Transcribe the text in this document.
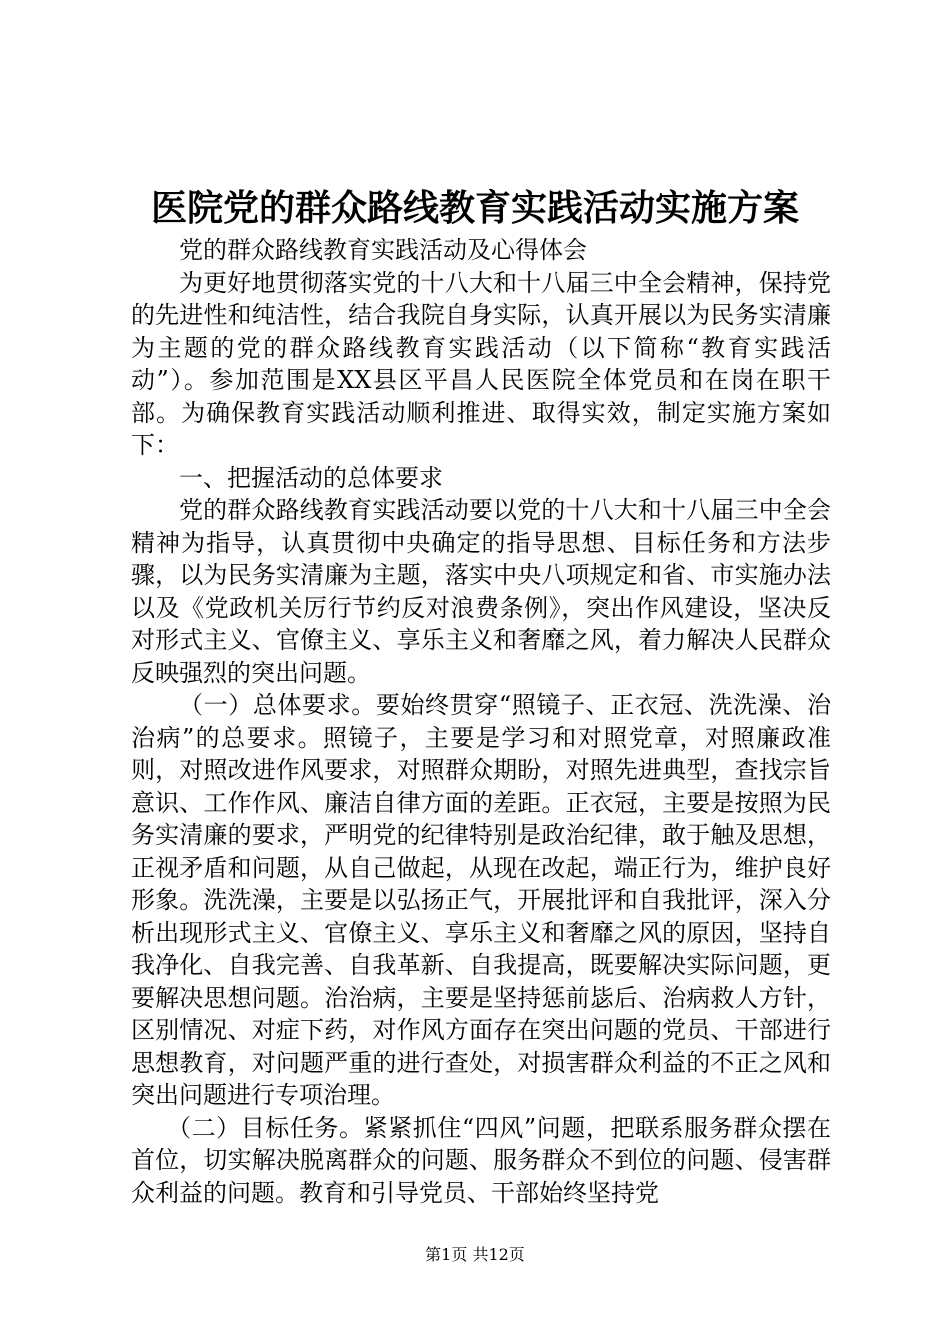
医院党的群众路线教育实践活动实施方案

党的群众路线教育实践活动及心得体会

为更好地贯彻落实党的十八大和十八届三中全会精神，保持党的先进性和纯洁性，结合我院自身实际，认真开展以为民务实清廉为主题的党的群众路线教育实践活动（以下简称“教育实践活动”）。参加范围是XX县区平昌人民医院全体党员和在岗在职干部。为确保教育实践活动顺利推进、取得实效，制定实施方案如下：

一、把握活动的总体要求

党的群众路线教育实践活动要以党的十八大和十八届三中全会精神为指导，认真贯彻中央确定的指导思想、目标任务和方法步骤，以为民务实清廉为主题，落实中央八项规定和省、市实施办法以及《党政机关厉行节约反对浪费条例》，突出作风建设，坚决反对形式主义、官僚主义、享乐主义和奢靡之风，着力解决人民群众反映强烈的突出问题。

（一）总体要求。要始终贯穿“照镜子、正衣冠、洗洗澡、治治病”的总要求。照镜子，主要是学习和对照党章，对照廉政准则，对照改进作风要求，对照群众期盼，对照先进典型，查找宗旨意识、工作作风、廉洁自律方面的差距。正衣冠，主要是按照为民务实清廉的要求，严明党的纪律特别是政治纪律，敢于触及思想，正视矛盾和问题，从自己做起，从现在改起，端正行为，维护良好形象。洗洗澡，主要是以弘扬正气，开展批评和自我批评，深入分析出现形式主义、官僚主义、享乐主义和奢靡之风的原因，坚持自我净化、自我完善、自我革新、自我提高，既要解决实际问题，更要解决思想问题。治治病，主要是坚持惩前毖后、治病救人方针，区别情况、对症下药，对作风方面存在突出问题的党员、干部进行思想教育，对问题严重的进行查处，对损害群众利益的不正之风和突出问题进行专项治理。

（二）目标任务。紧紧抓住“四风”问题，把联系服务群众摆在首位，切实解决脱离群众的问题、服务群众不到位的问题、侵害群众利益的问题。教育和引导党员、干部始终坚持党

第1页 共12页
